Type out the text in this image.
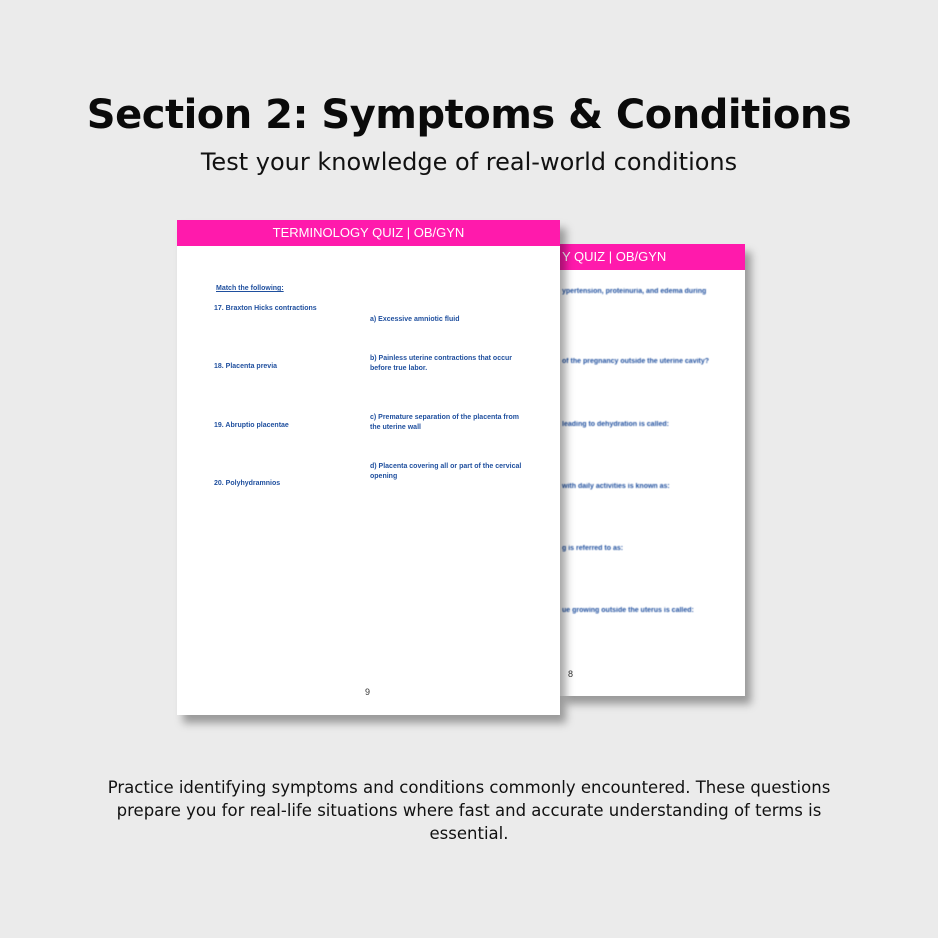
Section 2: Symptoms & Conditions
Test your knowledge of real-world conditions
Y QUIZ | OB/GYN
ypertension, proteinuria, and edema during
of the pregnancy outside the uterine cavity?
leading to dehydration is called:
with daily activities is known as:
g is referred to as:
ue growing outside the uterus is called:
8
TERMINOLOGY QUIZ | OB/GYN
Match the following:
17. Braxton Hicks contractions
18. Placenta previa
19. Abruptio placentae
20. Polyhydramnios
a) Excessive amniotic fluid
b) Painless uterine contractions that occur before true labor.
c) Premature separation of the placenta from the uterine wall
d) Placenta covering all or part of the cervical opening
9
Practice identifying symptoms and conditions commonly encountered. These questions prepare you for real-life situations where fast and accurate understanding of terms is essential.
